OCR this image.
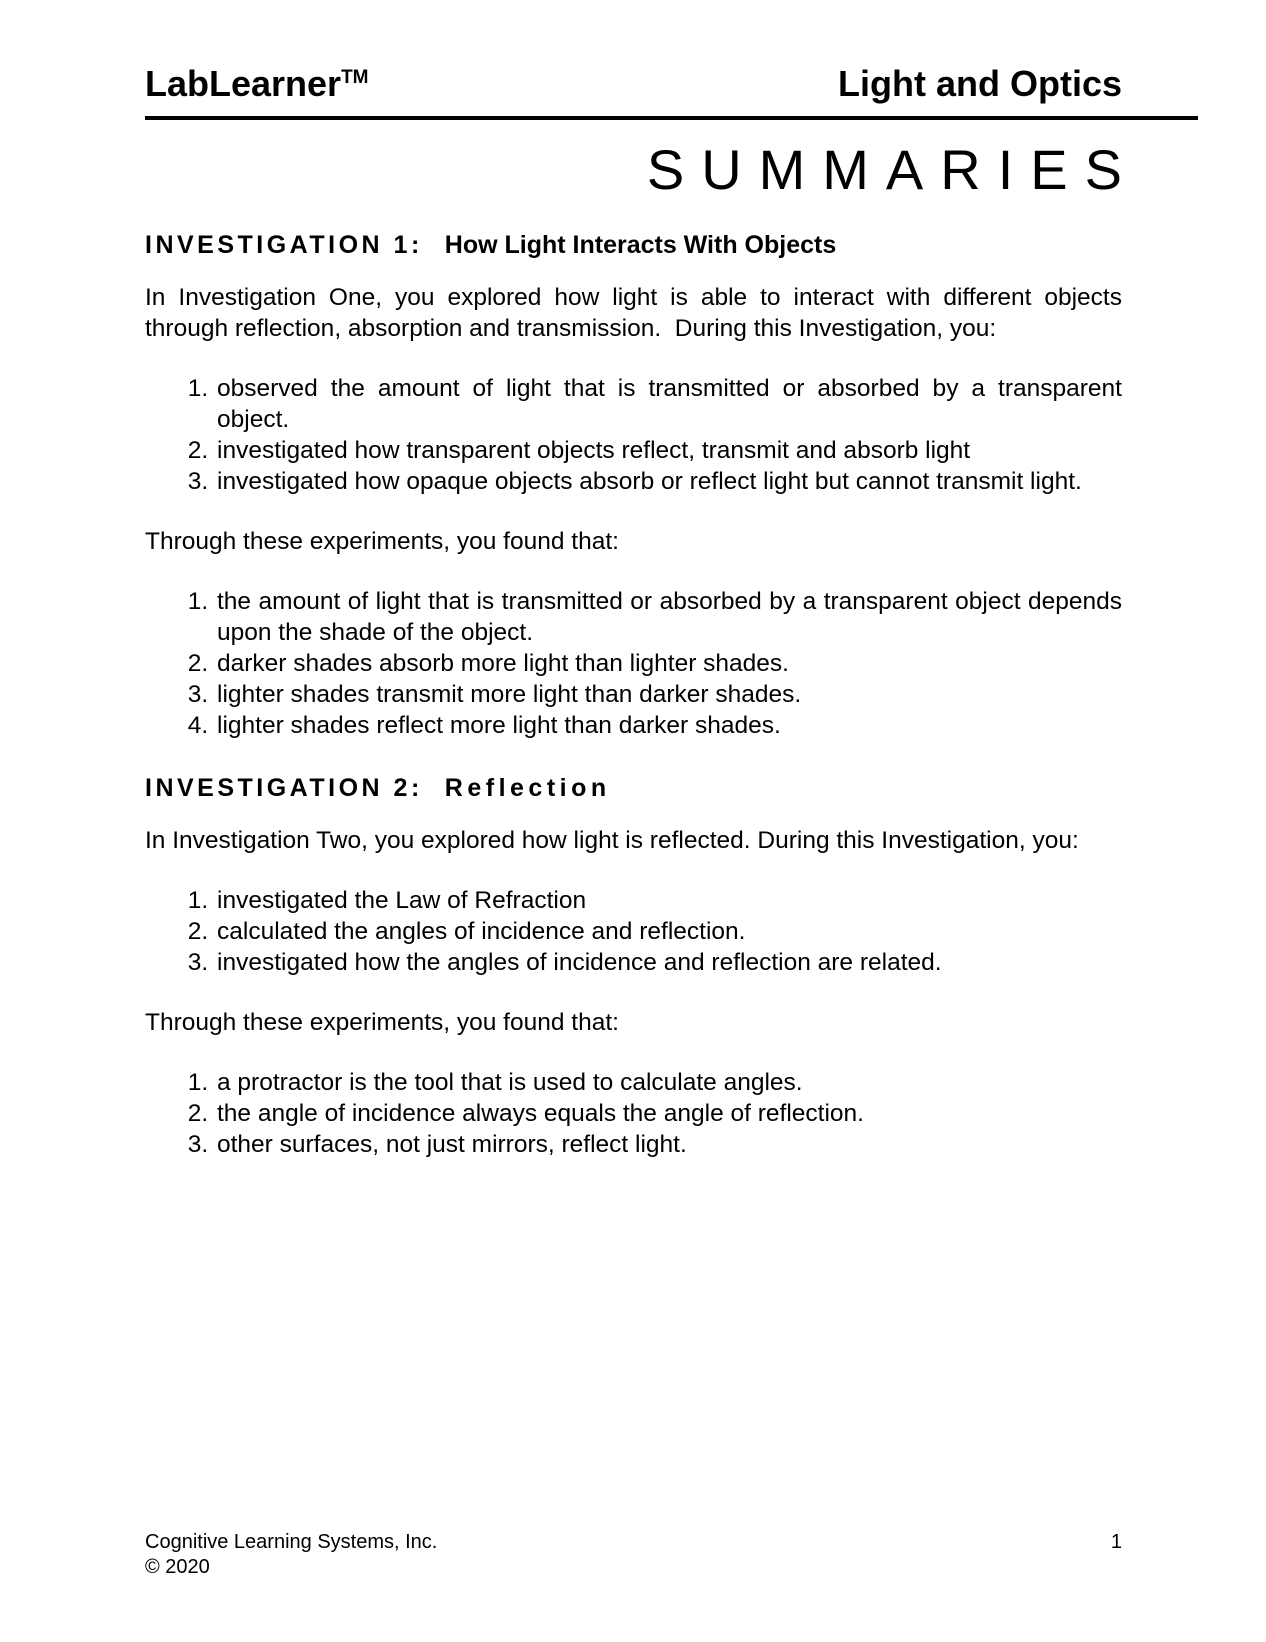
LabLearner™	Light and Optics
SUMMARIES
INVESTIGATION 1: How Light Interacts With Objects

In Investigation One, you explored how light is able to interact with different objects through reflection, absorption and transmission.  During this Investigation, you:

1. observed the amount of light that is transmitted or absorbed by a transparent object.
2. investigated how transparent objects reflect, transmit and absorb light
3. investigated how opaque objects absorb or reflect light but cannot transmit light.

Through these experiments, you found that:

1. the amount of light that is transmitted or absorbed by a transparent object depends upon the shade of the object.
2. darker shades absorb more light than lighter shades.
3. lighter shades transmit more light than darker shades.
4. lighter shades reflect more light than darker shades.
INVESTIGATION 2: Reflection

In Investigation Two, you explored how light is reflected. During this Investigation, you:

1. investigated the Law of Refraction
2. calculated the angles of incidence and reflection.
3. investigated how the angles of incidence and reflection are related.

Through these experiments, you found that:

1. a protractor is the tool that is used to calculate angles.
2. the angle of incidence always equals the angle of reflection.
3. other surfaces, not just mirrors, reflect light.

Cognitive Learning Systems, Inc.

© 2020

1
